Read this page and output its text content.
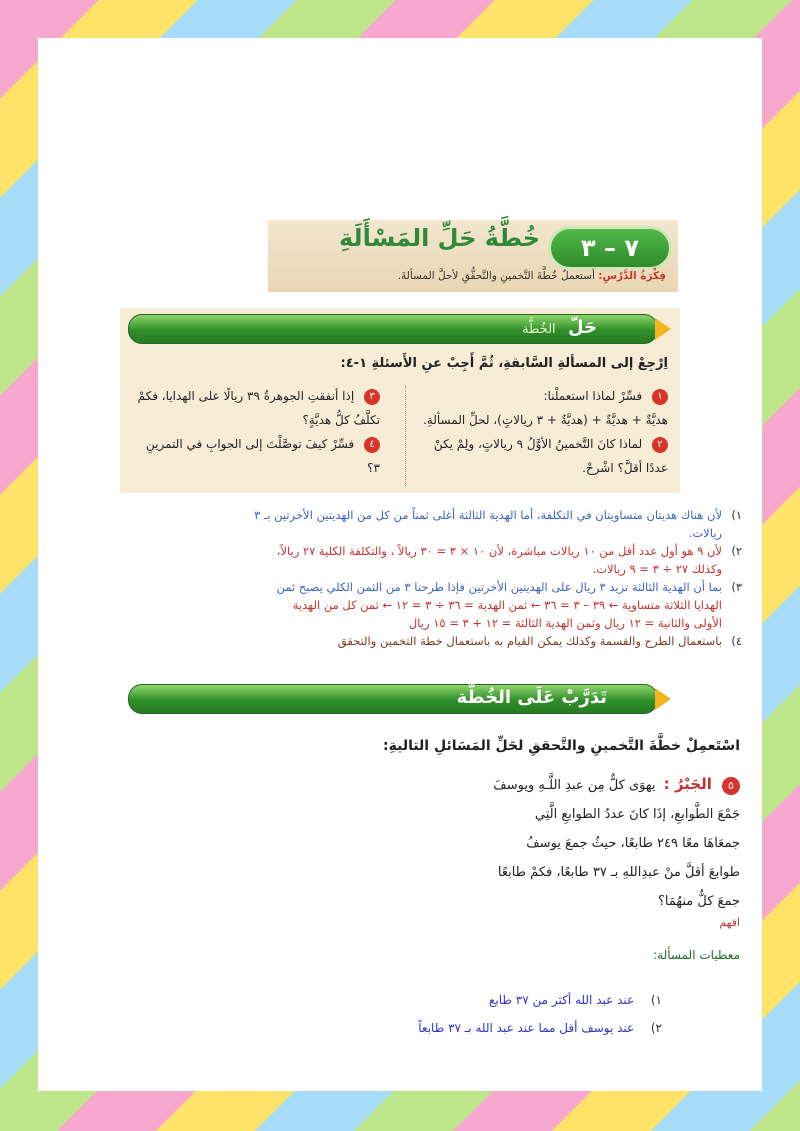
٧ – ٣
خُطَّةُ حَلِّ المَسْأَلَةِ
فِكْرَةُ الدَّرْسِ: أستعملُ خُطَّةَ التَّخمينِ والتَّحقُّقِ لأحلَّ المسألةَ.
حَلّ الخُطَّة
اِرْجِعْ إلى المسألةِ السَّابقةِ، ثُمَّ أَجِبْ عنِ الأَسئلةِ ١-٤:
١ فسِّرْ لماذا استعملْنا:
هديَّةٌ + هديَّةٌ + (هديَّةٌ + ٣ ريالاتٍ)، لحلِّ المسألةِ.
٢ لماذا كانَ التَّخمينُ الأوَّلُ ٩ ريالاتٍ، ولِمْ يكنْ
عددًا أقلَّ؟ اشْرحْ.
٣ إذا أنفقتِ الجوهرةُ ٣٩ ريالًا على الهدايا، فكمْ
تكلَّفُ كلُّ هديَّةٍ؟
٤ فسِّرْ كيفَ توصَّلْتَ إلى الجوابِ في التمرينِ ٣؟
١)
لأن هناك هديتان متساويتان في التكلفة، أما الهدية الثالثة أغلى ثمناً من كل من الهديتين الأخرتين بـ ٣
ريالات.
٢)
لأن ٩ هو أول عدد أقل من ١٠ ريالات مباشرة، لأن ١٠ × ٣ = ٣٠ ريالاً ، والتكلفة الكلية ٢٧ ريالاً،
وكذلك ٢٧ ÷ ٣ = ٩ ريالات.
٣)
بما أن الهدية الثالثة تزيد ٣ ريال على الهديتين الأخرتين فإذا طرحنا ٣ من الثمن الكلي يصبح ثمن
الهدايا الثلاثة متساوية ← ٣٩ – ٣ = ٣٦ ← ثمن الهدية = ٣٦ ÷ ٣ = ١٢ ← ثمن كل من الهدية
الأولى والثانية = ١٢ ريال وثمن الهدية الثالثة = ١٢ + ٣ = ١٥ ريال
٤)
باستعمال الطرح والقسمة وكذلك يمكن القيام به باستعمال خطة التخمين والتحقق
تَدَرَّبْ عَلَى الخُطَّة
اسْتَعمِلْ خطَّةَ التَّخمينِ والتَّحققِ لحَلِّ المَسَائلِ التاليةِ:
٥ الجَبْرُ : يهوَى كلٌّ مِن عبدِ اللَّـهِ ويوسفَ
جَمْعَ الطَّوابعِ، إذَا كانَ عددُ الطوابعِ الَّتِي
جمعَاهَا معًا ٢٤٩ طابعًا، حيثُ جمعَ يوسفُ
طوابعَ أقلَّ منْ عبدِاللهِ بـ ٣٧ طابعًا، فكمْ طابعًا
جمعَ كلٌّ منهُمَا؟
افهم
معطيات المسألة:
١) عند عبد الله أكثر من ٣٧ طابع
٢) عند يوسف أقل مما عند عبد الله بـ ٣٧ طابعاً
